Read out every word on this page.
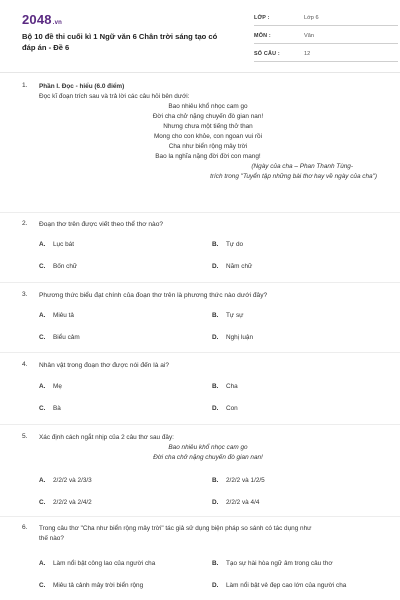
2048.vn
Bộ 10 đề thi cuối kì 1 Ngữ văn 6 Chân trời sáng tạo có đáp án - Đề 6
LỚP :	Lớp 6
MÔN :	Văn
SỐ CÂU :	12
1. Phần I. Đọc - hiểu (6.0 điểm)
Đọc kĩ đoạn trích sau và trả lời các câu hỏi bên dưới:
Bao nhiêu khổ nhọc cam go
Đời cha chở nặng chuyến đò gian nan!
Nhưng chưa một tiếng thở than
Mong cho con khỏe, con ngoan vui rồi
Cha như biển rộng mây trời
Bao la nghĩa nặng đời đời con mang!
(Ngày của cha – Phan Thanh Tùng-
trích trong "Tuyển tập những bài thơ hay về ngày của cha")
2. Đoạn thơ trên được viết theo thể thơ nào?
A. Lục bát	B. Tự do
C. Bốn chữ	D. Năm chữ
3. Phương thức biểu đạt chính của đoạn thơ trên là phương thức nào dưới đây?
A. Miêu tả	B. Tự sự
C. Biểu cảm	D. Nghị luận
4. Nhân vật trong đoạn thơ được nói đến là ai?
A. Mẹ	B. Cha
C. Bà	D. Con
5. Xác định cách ngắt nhịp của 2 câu thơ sau đây:
Bao nhiêu khổ nhọc cam go
Đời cha chở nặng chuyến đò gian nan!
A. 2/2/2 và 2/3/3	B. 2/2/2 và 1/2/5
C. 2/2/2 và 2/4/2	D. 2/2/2 và 4/4
6. Trong câu thơ "Cha như biển rộng mây trời" tác giả sử dụng biện pháp so sánh có tác dụng như
thế nào?
A. Làm nổi bật công lao của người cha	B. Tạo sự hài hòa ngữ âm trong câu thơ
C. Miêu tả cảnh mây trời biển rộng	D. Làm nổi bật vẻ đẹp cao lớn của người cha
